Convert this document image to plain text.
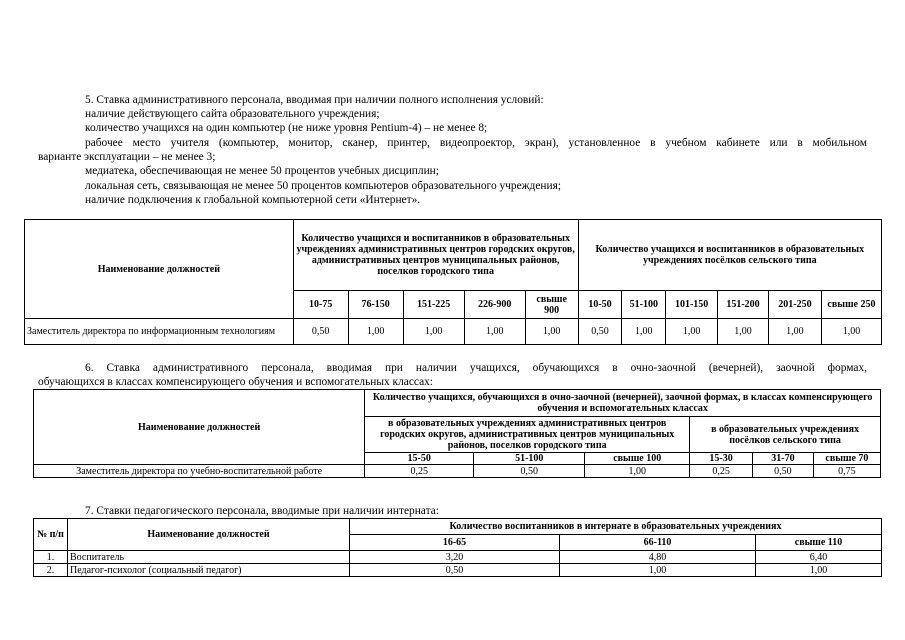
5. Ставка административного персонала, вводимая при наличии полного исполнения условий:
наличие действующего сайта образовательного учреждения;
количество учащихся на один компьютер (не ниже уровня Pentium-4) – не менее 8;
рабочее место учителя (компьютер, монитор, сканер, принтер, видеопроектор, экран), установленное в учебном кабинете или в мобильном
варианте эксплуатации – не менее 3;
медиатека, обеспечивающая не менее 50 процентов учебных дисциплин;
локальная сеть, связывающая не менее 50 процентов компьютеров образовательного учреждения;
наличие подключения к глобальной компьютерной сети «Интернет».
Наименование должностей	Количество учащихся и воспитанников в образовательных учреждениях административных центров городских округов, административных центров муниципальных районов, поселков городского типа					Количество учащихся и воспитанников в образовательных учреждениях посёлков сельского типа					
	10-75	76-150	151-225	226-900	свыше 900	10-50	51-100	101-150	151-200	201-250	свыше 250
Заместитель директора по информационным технологиям	0,50	1,00	1,00	1,00	1,00	0,50	1,00	1,00	1,00	1,00	1,00
6. Ставка административного персонала, вводимая при наличии учащихся, обучающихся в очно-заочной (вечерней), заочной формах,
обучающихся в классах компенсирующего обучения и вспомогательных классах:
Наименование должностей	Количество учащихся, обучающихся в очно-заочной (вечерней), заочной формах, в классах компенсирующего обучения и вспомогательных классах					
	в образовательных учреждениях административных центров городских округов, административных центров муниципальных районов, поселков городского типа			в образовательных учреждениях посёлков сельского типа		
	15-50	51-100	свыше 100	15-30	31-70	свыше 70
Заместитель директора по учебно-воспитательной работе	0,25	0,50	1,00	0,25	0,50	0,75
7. Ставки педагогического персонала, вводимые при наличии интерната:
№ п/п	Наименование должностей	Количество воспитанников в интернате в образовательных учреждениях		
		16-65	66-110	свыше 110
1.	Воспитатель	3,20	4,80	6,40
2.	Педагог-психолог (социальный педагог)	0,50	1,00	1,00
